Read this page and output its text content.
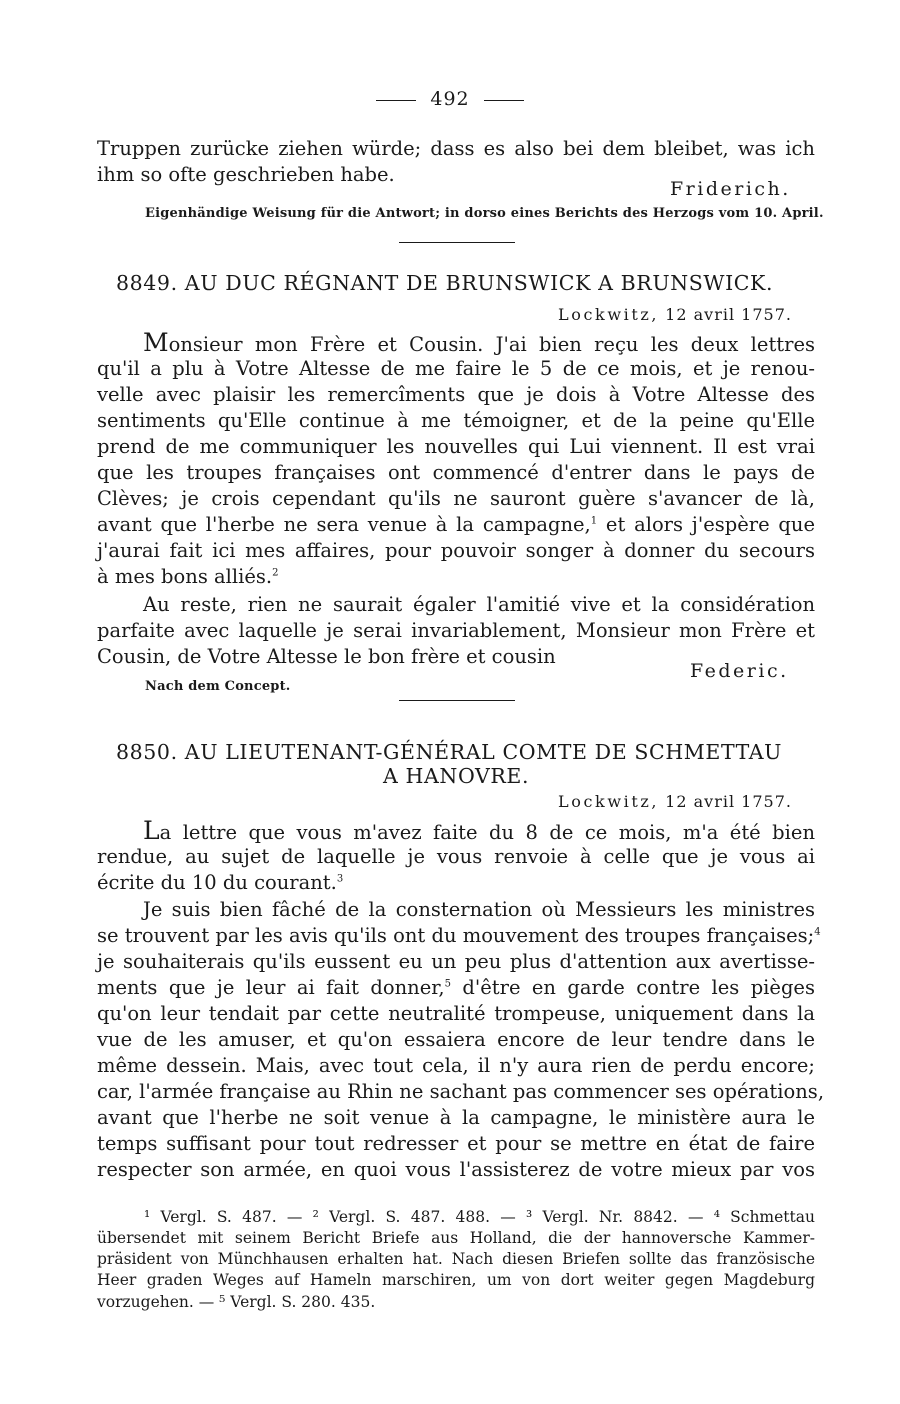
492
Truppen zurücke ziehen würde; dass es also bei dem bleibet, was ich
ihm so ofte geschrieben habe.
Friderich.
Eigenhändige Weisung für die Antwort; in dorso eines Berichts des Herzogs vom 10. April.
8849. AU DUC RÉGNANT DE BRUNSWICK A BRUNSWICK.
Lockwitz, 12 avril 1757.
Monsieur mon Frère et Cousin. J'ai bien reçu les deux lettres
qu'il a plu à Votre Altesse de me faire le 5 de ce mois, et je renou-
velle avec plaisir les remercîments que je dois à Votre Altesse des
sentiments qu'Elle continue à me témoigner, et de la peine qu'Elle
prend de me communiquer les nouvelles qui Lui viennent. Il est vrai
que les troupes françaises ont commencé d'entrer dans le pays de
Clèves; je crois cependant qu'ils ne sauront guère s'avancer de là,
avant que l'herbe ne sera venue à la campagne,$^1$ et alors j'espère que
j'aurai fait ici mes affaires, pour pouvoir songer à donner du secours
à mes bons alliés.$^2$
Au reste, rien ne saurait égaler l'amitié vive et la considération
parfaite avec laquelle je serai invariablement, Monsieur mon Frère et
Cousin, de Votre Altesse le bon frère et cousin
Federic.
Nach dem Concept.
8850. AU LIEUTENANT-GÉNÉRAL COMTE DE SCHMETTAU
A HANOVRE.
Lockwitz, 12 avril 1757.
La lettre que vous m'avez faite du 8 de ce mois, m'a été bien
rendue, au sujet de laquelle je vous renvoie à celle que je vous ai
écrite du 10 du courant.$^3$
Je suis bien fâché de la consternation où Messieurs les ministres
se trouvent par les avis qu'ils ont du mouvement des troupes françaises;$^4$
je souhaiterais qu'ils eussent eu un peu plus d'attention aux avertisse-
ments que je leur ai fait donner,$^5$ d'être en garde contre les pièges
qu'on leur tendait par cette neutralité trompeuse, uniquement dans la
vue de les amuser, et qu'on essaiera encore de leur tendre dans le
même dessein. Mais, avec tout cela, il n'y aura rien de perdu encore;
car, l'armée française au Rhin ne sachant pas commencer ses opérations,
avant que l'herbe ne soit venue à la campagne, le ministère aura le
temps suffisant pour tout redresser et pour se mettre en état de faire
respecter son armée, en quoi vous l'assisterez de votre mieux par vos
¹ Vergl. S. 487. — ² Vergl. S. 487. 488. — ³ Vergl. Nr. 8842. — ⁴ Schmettau
übersendet mit seinem Bericht Briefe aus Holland, die der hannoversche Kammer-
präsident von Münchhausen erhalten hat. Nach diesen Briefen sollte das französische
Heer graden Weges auf Hameln marschiren, um von dort weiter gegen Magdeburg
vorzugehen. — ⁵ Vergl. S. 280. 435.
